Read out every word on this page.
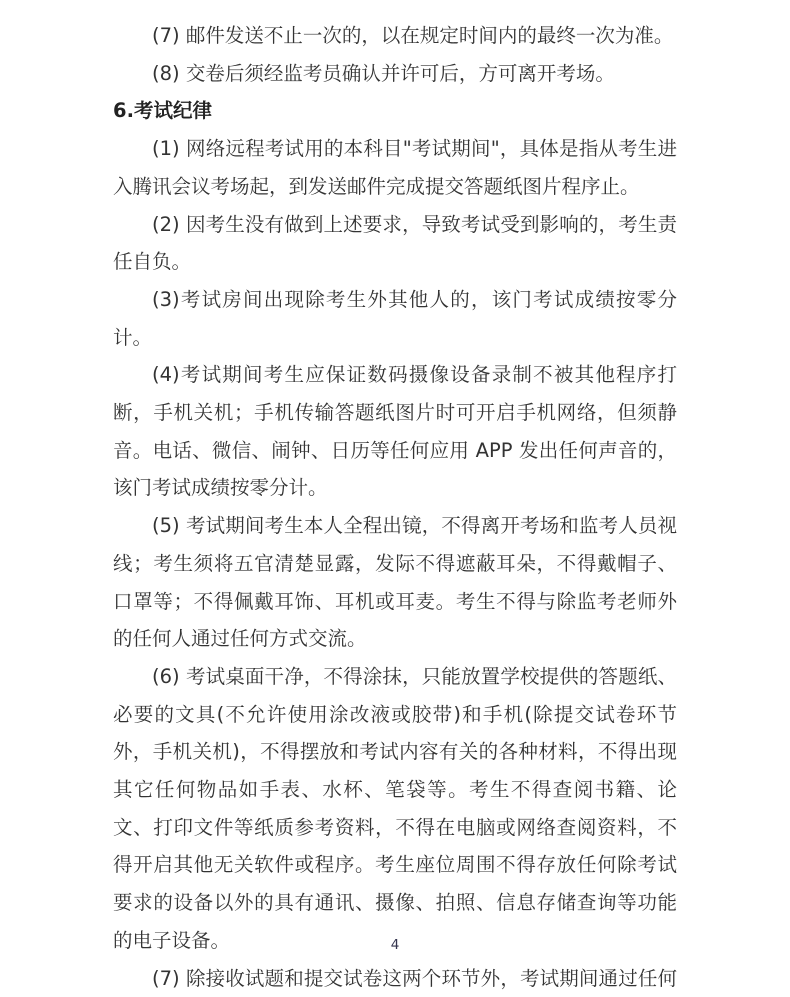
(7) 邮件发送不止一次的，以在规定时间内的最终一次为准。

(8) 交卷后须经监考员确认并许可后，方可离开考场。

6.考试纪律

(1) 网络远程考试用的本科目"考试期间"，具体是指从考生进入腾讯会议考场起，到发送邮件完成提交答题纸图片程序止。

(2) 因考生没有做到上述要求，导致考试受到影响的，考生责任自负。

(3)考试房间出现除考生外其他人的，该门考试成绩按零分计。

(4)考试期间考生应保证数码摄像设备录制不被其他程序打断，手机关机；手机传输答题纸图片时可开启手机网络，但须静音。电话、微信、闹钟、日历等任何应用 APP 发出任何声音的，该门考试成绩按零分计。

(5) 考试期间考生本人全程出镜，不得离开考场和监考人员视线；考生须将五官清楚显露，发际不得遮蔽耳朵，不得戴帽子、口罩等；不得佩戴耳饰、耳机或耳麦。考生不得与除监考老师外的任何人通过任何方式交流。

(6) 考试桌面干净，不得涂抹，只能放置学校提供的答题纸、必要的文具(不允许使用涂改液或胶带)和手机(除提交试卷环节外，手机关机)，不得摆放和考试内容有关的各种材料，不得出现其它任何物品如手表、水杯、笔袋等。考生不得查阅书籍、论文、打印文件等纸质参考资料，不得在电脑或网络查阅资料，不得开启其他无关软件或程序。考生座位周围不得存放任何除考试要求的设备以外的具有通讯、摄像、拍照、信息存储查询等功能的电子设备。

(7) 除接收试题和提交试卷这两个环节外，考试期间通过任何

4
